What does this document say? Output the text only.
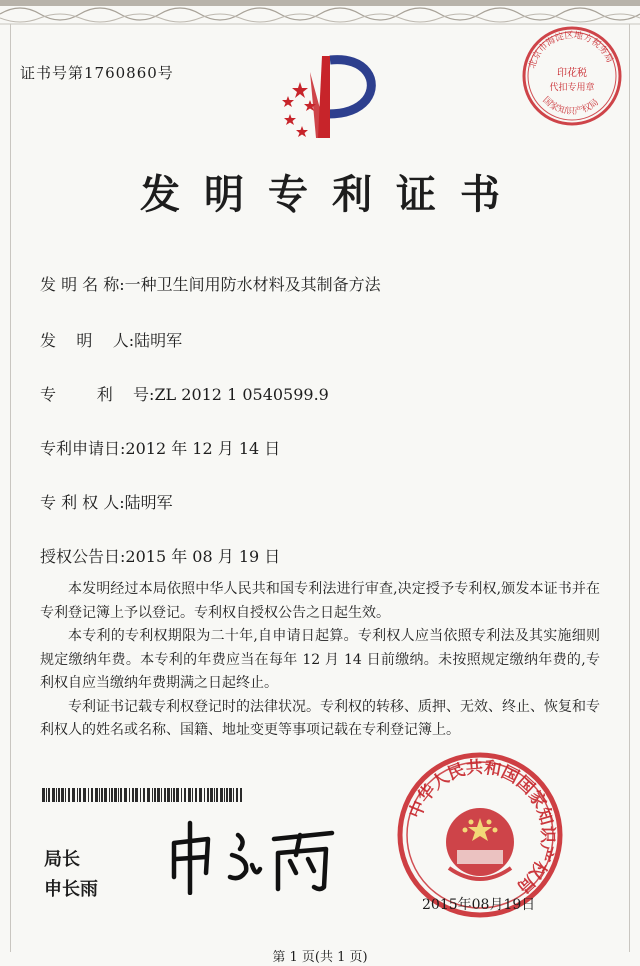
证书号第1760860号
发明专利证书
发 明 名 称:一种卫生间用防水材料及其制备方法
发    明    人:陆明军
专        利    号:ZL 2012 1 0540599.9
专利申请日:2012 年 12 月 14 日
专 利 权 人:陆明军
授权公告日:2015 年 08 月 19 日

本发明经过本局依照中华人民共和国专利法进行审查,决定授予专利权,颁发本证书并在专利登记簿上予以登记。专利权自授权公告之日起生效。

本专利的专利权期限为二十年,自申请日起算。专利权人应当依照专利法及其实施细则规定缴纳年费。本专利的年费应当在每年 12 月 14 日前缴纳。未按照规定缴纳年费的,专利权自应当缴纳年费期满之日起终止。

专利证书记载专利权登记时的法律状况。专利权的转移、质押、无效、终止、恢复和专利权人的姓名或名称、国籍、地址变更等事项记载在专利登记簿上。

局长
申长雨
中华人民共和国国家知识产权局
北京市海淀区地方税务局
国家知识产权局
印花税
代扣专用章
2015年08月19日
第 1 页(共 1 页)
